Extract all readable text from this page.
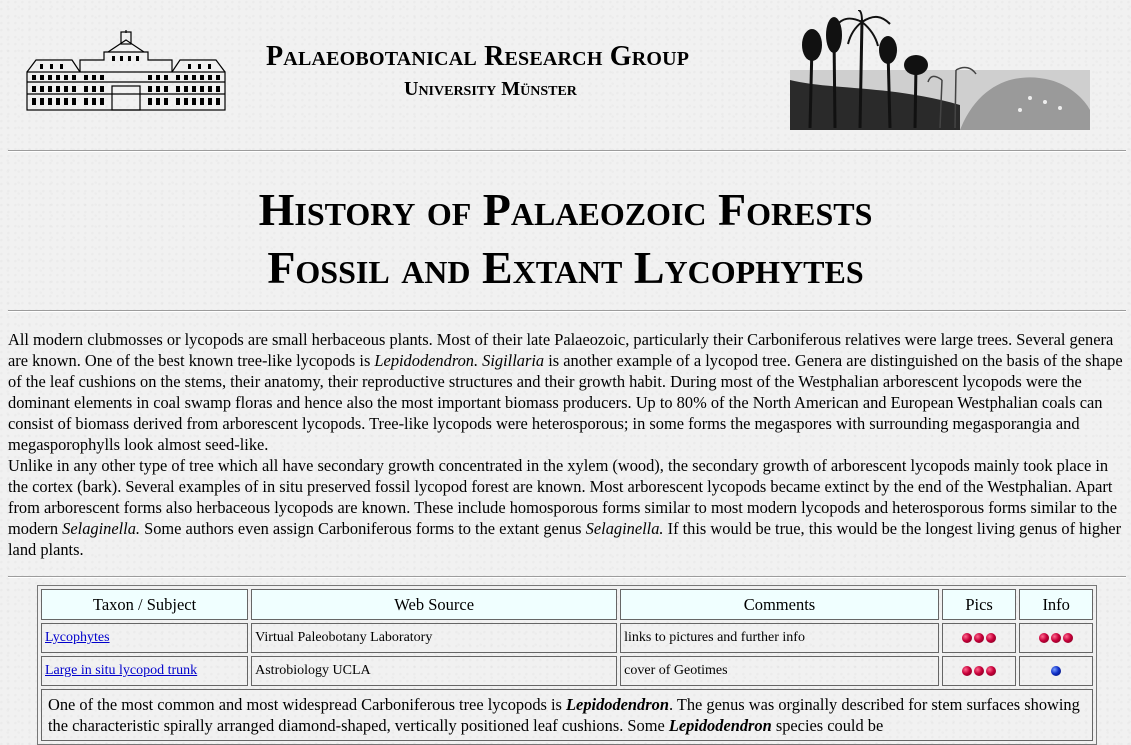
Palaeobotanical Research Group
University Münster
History of Palaeozoic Forests
Fossil and Extant Lycophytes

All modern clubmosses or lycopods are small herbaceous plants. Most of their late Palaeozoic, particularly their Carboniferous relatives were large trees. Several genera are known. One of the best known tree-like lycopods is Lepidodendron. Sigillaria is another example of a lycopod tree. Genera are distinguished on the basis of the shape of the leaf cushions on the stems, their anatomy, their reproductive structures and their growth habit. During most of the Westphalian arborescent lycopods were the dominant elements in coal swamp floras and hence also the most important biomass producers. Up to 80% of the North American and European Westphalian coals can consist of biomass derived from arborescent lycopods. Tree-like lycopods were heterosporous; in some forms the megaspores with surrounding megasporangia and megasporophylls look almost seed-like.

Unlike in any other type of tree which all have secondary growth concentrated in the xylem (wood), the secondary growth of arborescent lycopods mainly took place in the cortex (bark). Several examples of in situ preserved fossil lycopod forest are known. Most arborescent lycopods became extinct by the end of the Westphalian. Apart from arborescent forms also herbaceous lycopods are known. These include homosporous forms similar to most modern lycopods and heterosporous forms similar to the modern Selaginella. Some authors even assign Carboniferous forms to the extant genus Selaginella. If this would be true, this would be the longest living genus of higher land plants.

Taxon / Subject	Web Source	Comments	Pics	Info
Lycophytes	Virtual Paleobotany Laboratory	links to pictures and further info		
Large in situ lycopod trunk	Astrobiology UCLA	cover of Geotimes		
One of the most common and most widespread Carboniferous tree lycopods is Lepidodendron. The genus was orginally described for stem surfaces showing the characteristic spirally arranged diamond-shaped, vertically positioned leaf cushions. Some Lepidodendron species could be				
